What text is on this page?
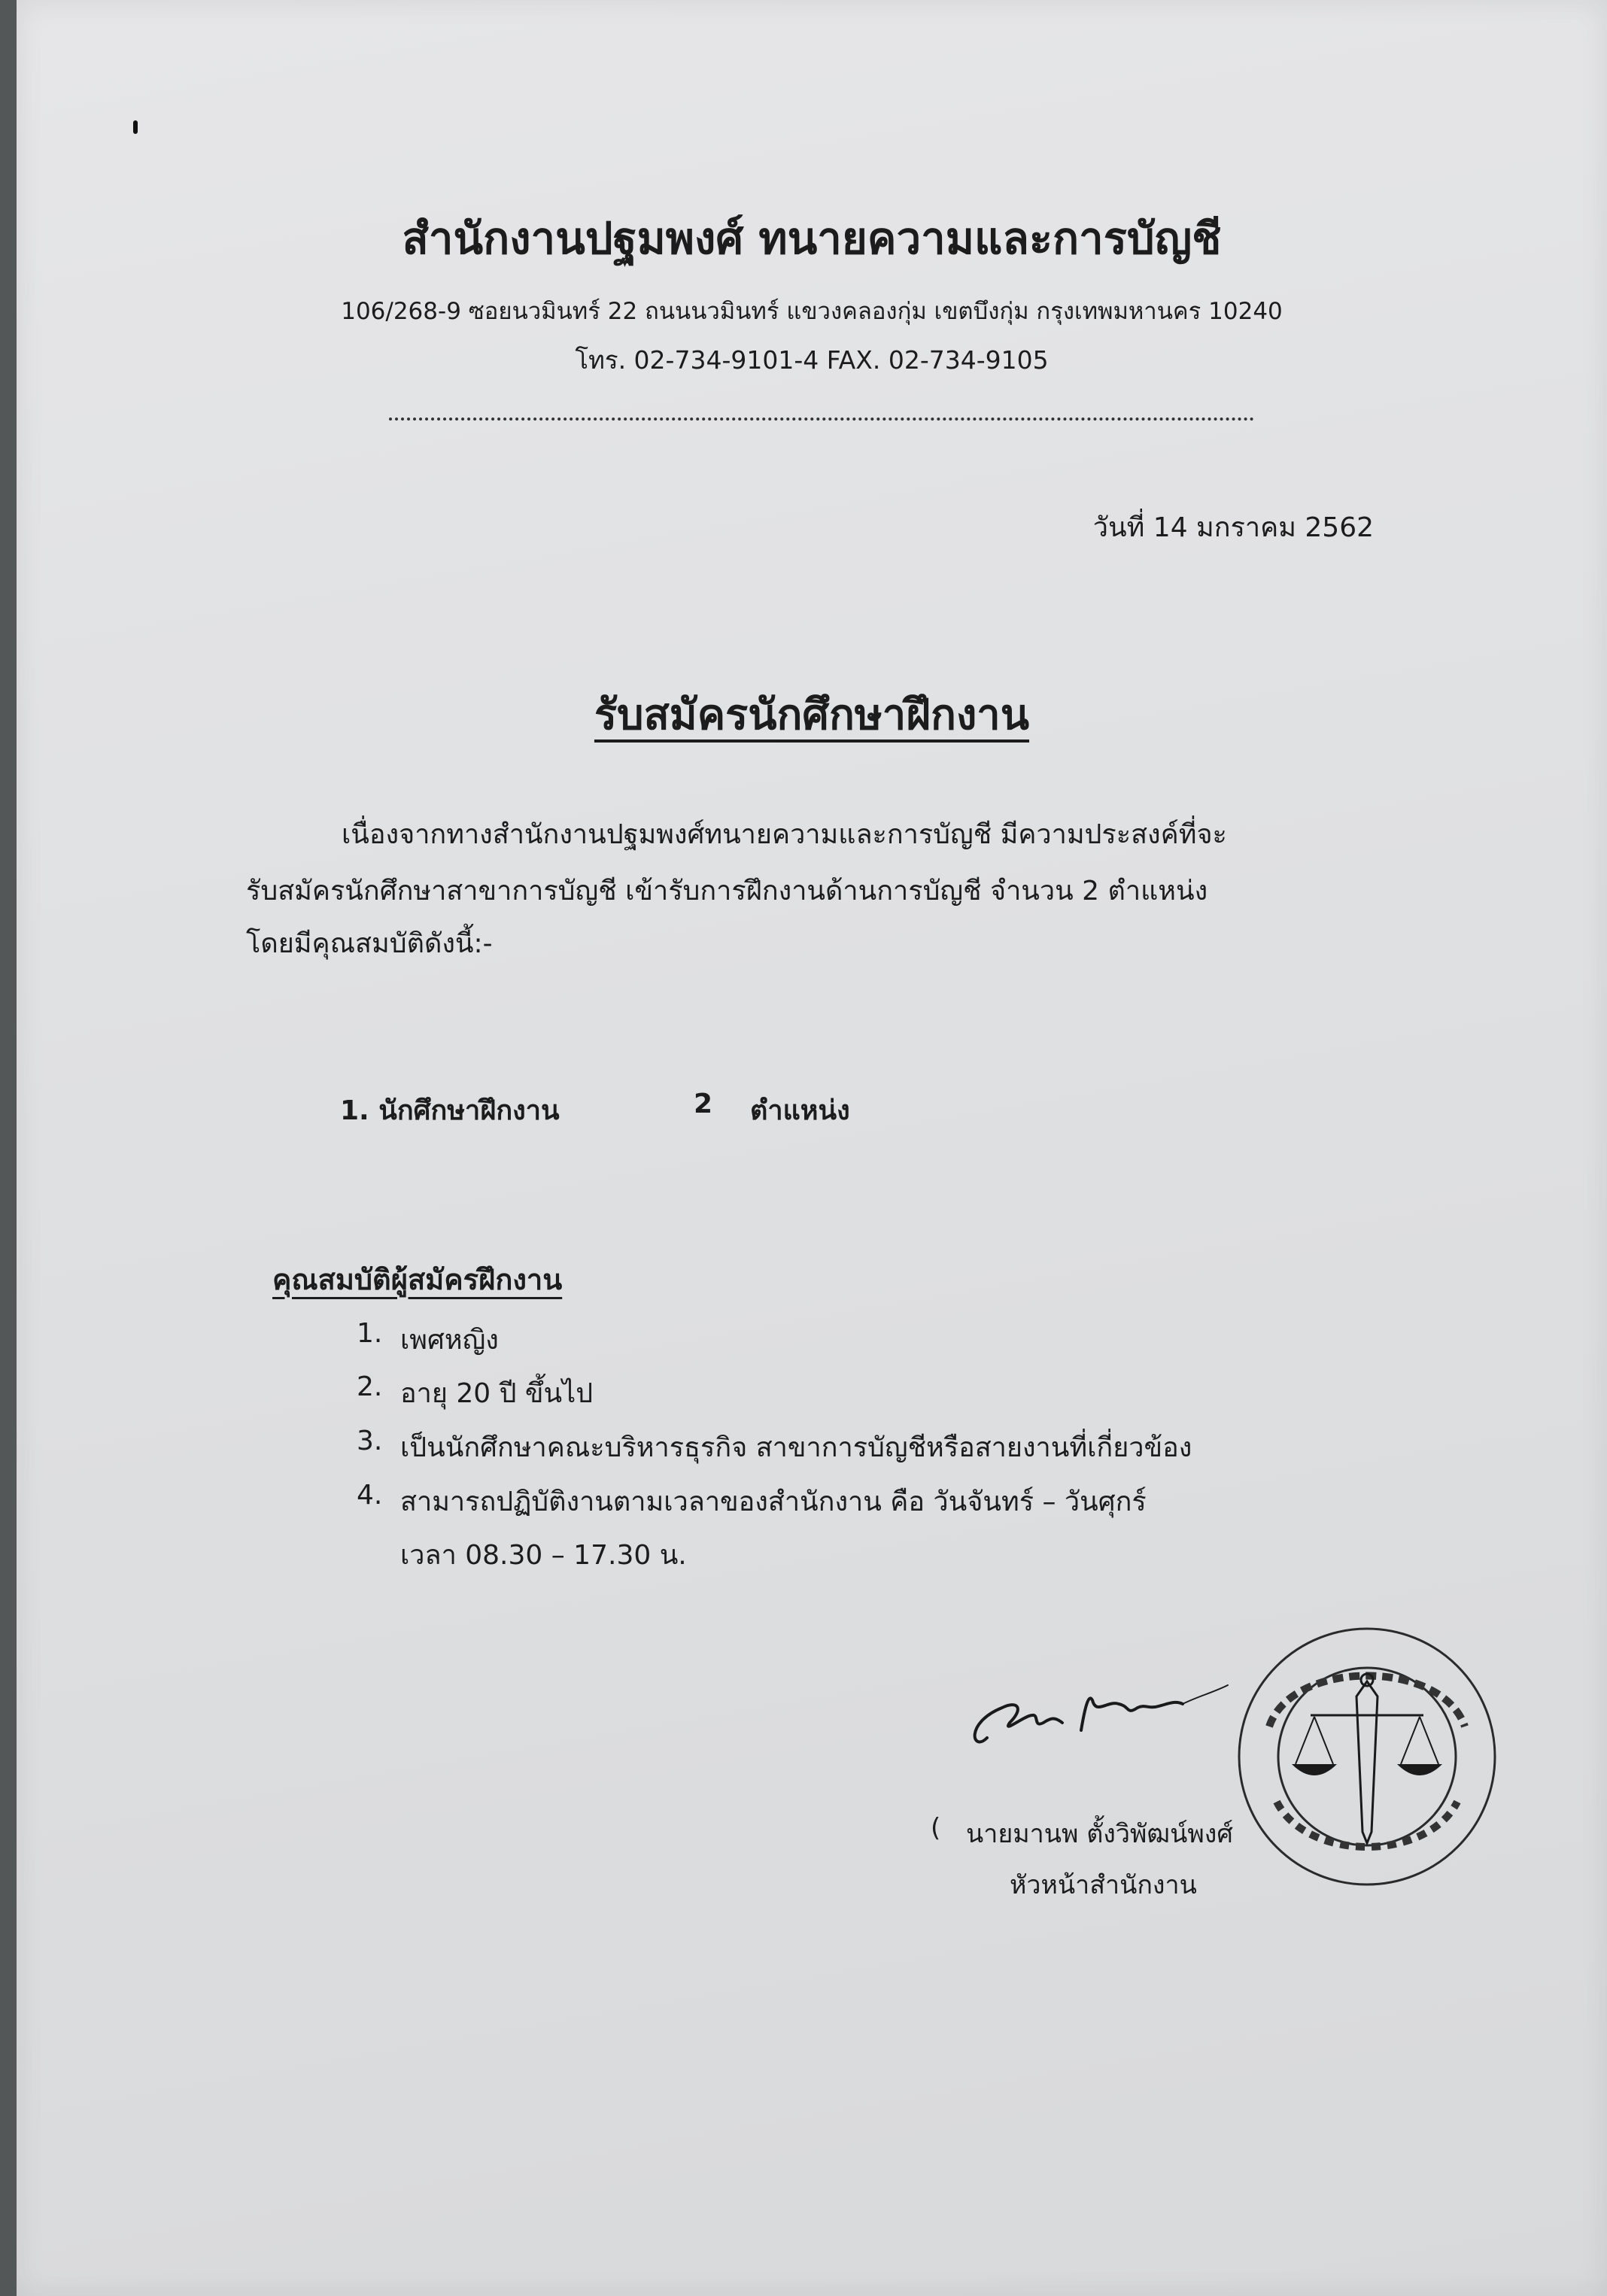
สำนักงานปฐมพงศ์ ทนายความและการบัญชี
106/268-9 ซอยนวมินทร์ 22 ถนนนวมินทร์ แขวงคลองกุ่ม เขตบึงกุ่ม กรุงเทพมหานคร 10240
โทร. 02-734-9101-4 FAX. 02-734-9105
วันที่ 14 มกราคม 2562
รับสมัครนักศึกษาฝึกงาน
เนื่องจากทางสำนักงานปฐมพงศ์ทนายความและการบัญชี มีความประสงค์ที่จะ
รับสมัครนักศึกษาสาขาการบัญชี เข้ารับการฝึกงานด้านการบัญชี จำนวน 2 ตำแหน่ง
โดยมีคุณสมบัติดังนี้:-
1. นักศึกษาฝึกงาน	2 ตำแหน่ง
คุณสมบัติผู้สมัครฝึกงาน
1. เพศหญิง
2. อายุ 20 ปี ขึ้นไป
3. เป็นนักศึกษาคณะบริหารธุรกิจ สาขาการบัญชีหรือสายงานที่เกี่ยวข้อง
4. สามารถปฏิบัติงานตามเวลาของสำนักงาน คือ วันจันทร์ – วันศุกร์
เวลา 08.30 – 17.30 น.
( นายมานพ ตั้งวิพัฒน์พงศ์
หัวหน้าสำนักงาน
